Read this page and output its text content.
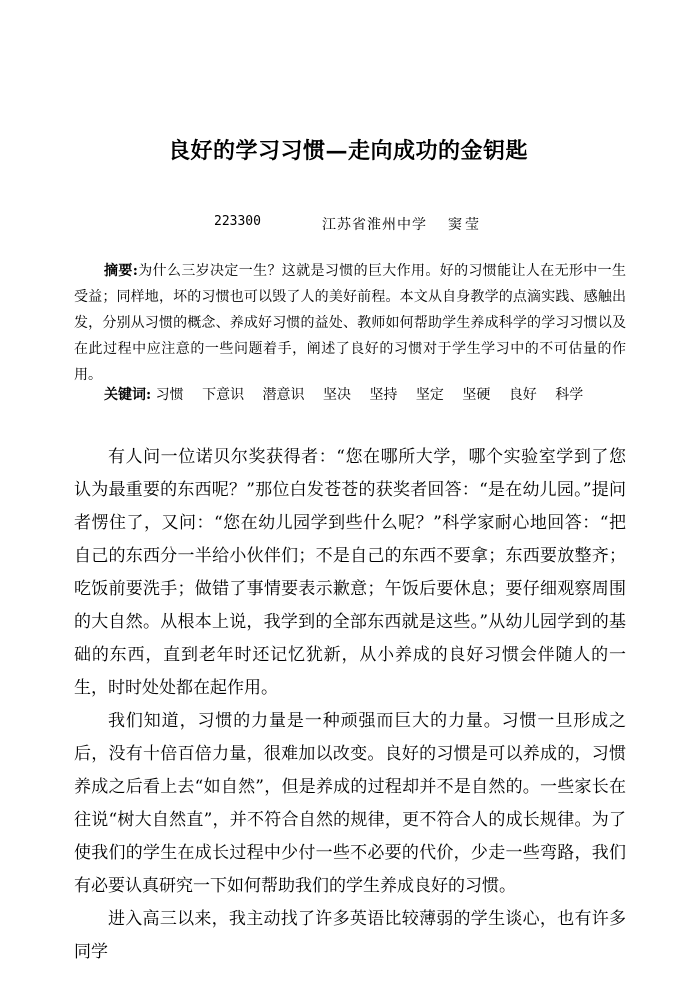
良好的学习习惯—走向成功的金钥匙
223300	江苏省淮州中学 窦莹

摘要:为什么三岁决定一生？这就是习惯的巨大作用。好的习惯能让人在无形中一生受益；同样地，坏的习惯也可以毁了人的美好前程。本文从自身教学的点滴实践、感触出发，分别从习惯的概念、养成好习惯的益处、教师如何帮助学生养成科学的学习习惯以及在此过程中应注意的一些问题着手，阐述了良好的习惯对于学生学习中的不可估量的作用。

关键词: 习惯 下意识 潜意识 坚决 坚持 坚定 坚硬 良好 科学

有人问一位诺贝尔奖获得者：“您在哪所大学，哪个实验室学到了您认为最重要的东西呢？”那位白发苍苍的获奖者回答：“是在幼儿园。”提问者愣住了，又问：“您在幼儿园学到些什么呢？”科学家耐心地回答：“把自己的东西分一半给小伙伴们；不是自己的东西不要拿；东西要放整齐；吃饭前要洗手；做错了事情要表示歉意；午饭后要休息；要仔细观察周围的大自然。从根本上说，我学到的全部东西就是这些。”从幼儿园学到的基础的东西，直到老年时还记忆犹新，从小养成的良好习惯会伴随人的一生，时时处处都在起作用。

我们知道，习惯的力量是一种顽强而巨大的力量。习惯一旦形成之后，没有十倍百倍力量，很难加以改变。良好的习惯是可以养成的，习惯养成之后看上去“如自然”，但是养成的过程却并不是自然的。一些家长在往说“树大自然直”，并不符合自然的规律，更不符合人的成长规律。为了使我们的学生在成长过程中少付一些不必要的代价，少走一些弯路，我们有必要认真研究一下如何帮助我们的学生养成良好的习惯。

进入高三以来，我主动找了许多英语比较薄弱的学生谈心，也有许多同学
